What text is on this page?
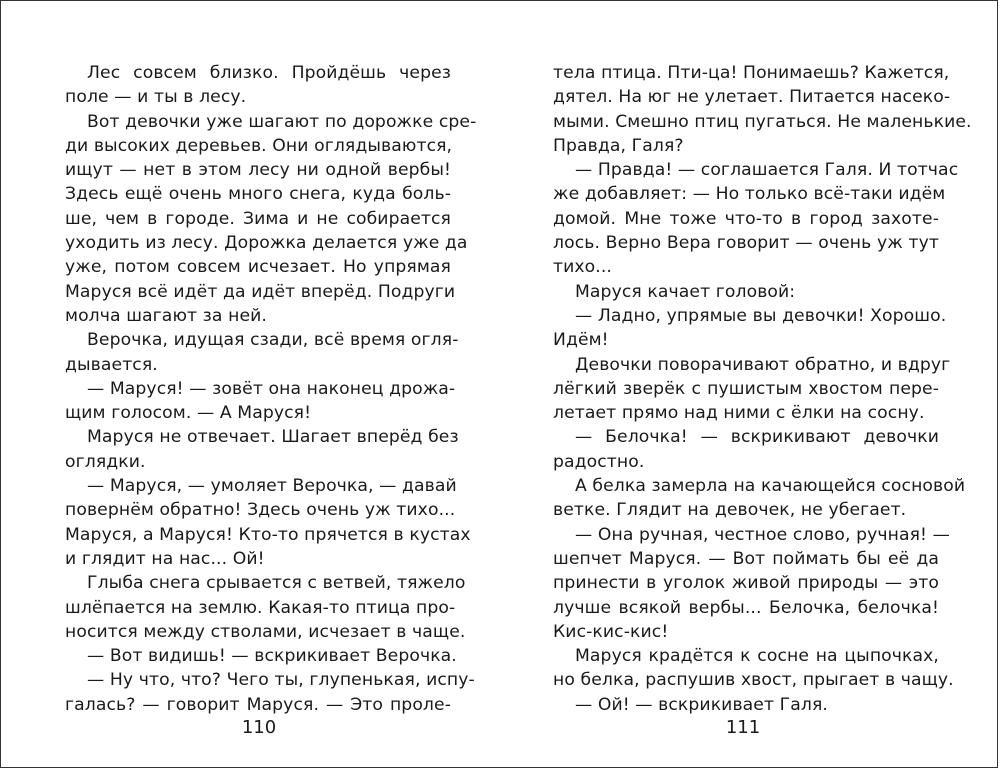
Лес совсем близко. Пройдёшь через
поле — и ты в лесу.
Вот девочки уже шагают по дорожке сре-
ди высоких деревьев. Они оглядываются,
ищут — нет в этом лесу ни одной вербы!
Здесь ещё очень много снега, куда боль-
ше, чем в городе. Зима и не собирается
уходить из лесу. Дорожка делается уже да
уже, потом совсем исчезает. Но упрямая
Маруся всё идёт да идёт вперёд. Подруги
молча шагают за ней.
Верочка, идущая сзади, всё время огля-
дывается.
— Маруся! — зовёт она наконец дрожа-
щим голосом. — А Маруся!
Маруся не отвечает. Шагает вперёд без
оглядки.
— Маруся, — умоляет Верочка, — давай
повернём обратно! Здесь очень уж тихо...
Маруся, а Маруся! Кто-то прячется в кустах
и глядит на нас... Ой!
Глыба снега срывается с ветвей, тяжело
шлёпается на землю. Какая-то птица про-
носится между стволами, исчезает в чаще.
— Вот видишь! — вскрикивает Верочка.
— Ну что, что? Чего ты, глупенькая, испу-
галась? — говорит Маруся. — Это проле-
тела птица. Пти-ца! Понимаешь? Кажется,
дятел. На юг не улетает. Питается насеко-
мыми. Смешно птиц пугаться. Не маленькие.
Правда, Галя?
— Правда! — соглашается Галя. И тотчас
же добавляет: — Но только всё-таки идём
домой. Мне тоже что-то в город захоте-
лось. Верно Вера говорит — очень уж тут
тихо...
Маруся качает головой:
— Ладно, упрямые вы девочки! Хорошо.
Идём!
Девочки поворачивают обратно, и вдруг
лёгкий зверёк с пушистым хвостом пере-
летает прямо над ними с ёлки на сосну.
— Белочка! — вскрикивают девочки
радостно.
А белка замерла на качающейся сосновой
ветке. Глядит на девочек, не убегает.
— Она ручная, честное слово, ручная! —
шепчет Маруся. — Вот поймать бы её да
принести в уголок живой природы — это
лучше всякой вербы... Белочка, белочка!
Кис-кис-кис!
Маруся крадётся к сосне на цыпочках,
но белка, распушив хвост, прыгает в чащу.
— Ой! — вскрикивает Галя.
110	111
